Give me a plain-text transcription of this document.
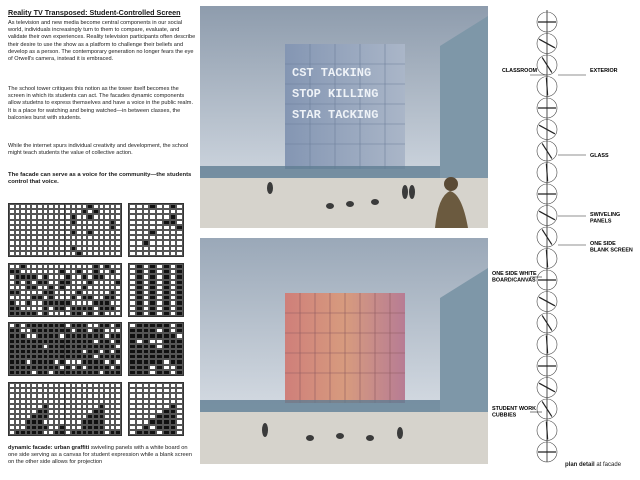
Reality TV Transposed: Student-Controlled Screen
As television and new media become central components in our social world, individuals increasingly turn to them to compare, evaluate, and validate their own experiences. Reality television participants often describe their desire to use the show as a platform to challenge their beliefs and develop as a person. The contemporary generation no longer fears the eye of Orwell's camera, instead it is embraced.
The school tower critiques this notion as the tower itself becomes the screen in which its students can act. The facades dynamic components allow studetns to express themselves and have a voice in the public realm. It is a place for watching and being watched—in between classes, the balconies burst with students.
While the internet spurs individual creativity and development, the school might teach students the value of collective action.
The facade can serve as a voice for the community—the students control that voice.
dynamic facade: urban graffiti swiveling panels with a white board on one side serving as a canvas for student expression while a blank screen on the other side allows for projection
CST TACKING
STOP KILLING
STAR TACKING
CLASSROOM	EXTERIOR
GLASS
SWIVELING PANELS
ONE SIDE BLANK SCREEN
ONE SIDE WHITE BOARD/CANVAS
STUDENT WORK CUBBIES
plan detail at facade
